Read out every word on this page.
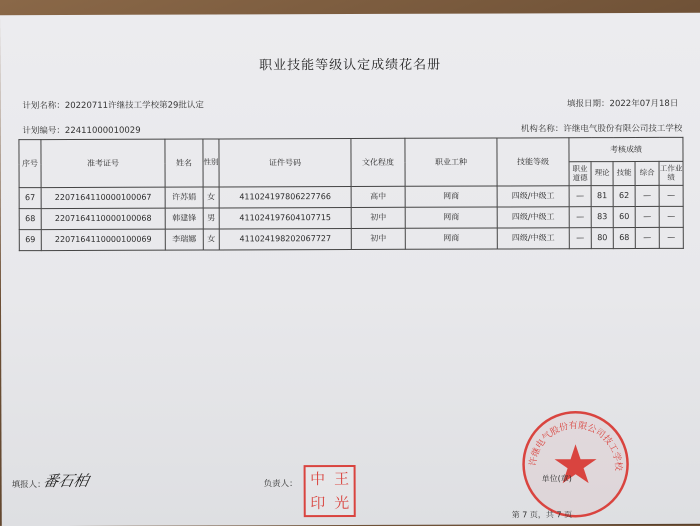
职业技能等级认定成绩花名册
计划名称：20220711许继技工学校第29批认定	填报日期：2022年07月18日
计划编号：22411000010029	机构名称：许继电气股份有限公司技工学校
序号	准考证号	姓名	性别	证件号码	文化程度	职业工种	技能等级	考核成绩				
								职业道德	理论	技能	综合	工作业绩
67	2207164110000100067	许苏娟	女	411024197806227766	高中	网商	四级/中级工	—	81	62	—	—
68	2207164110000100068	韩建锋	男	411024197604107715	初中	网商	四级/中级工	—	83	60	—	—
69	2207164110000100069	李瑞娜	女	411024198202067727	初中	网商	四级/中级工	—	80	68	—	—
填报人：
番石柏	负责人： 中 王
印 光
许继电气股份有限公司技工学校
单位(章)
第 7 页，共 7 页
